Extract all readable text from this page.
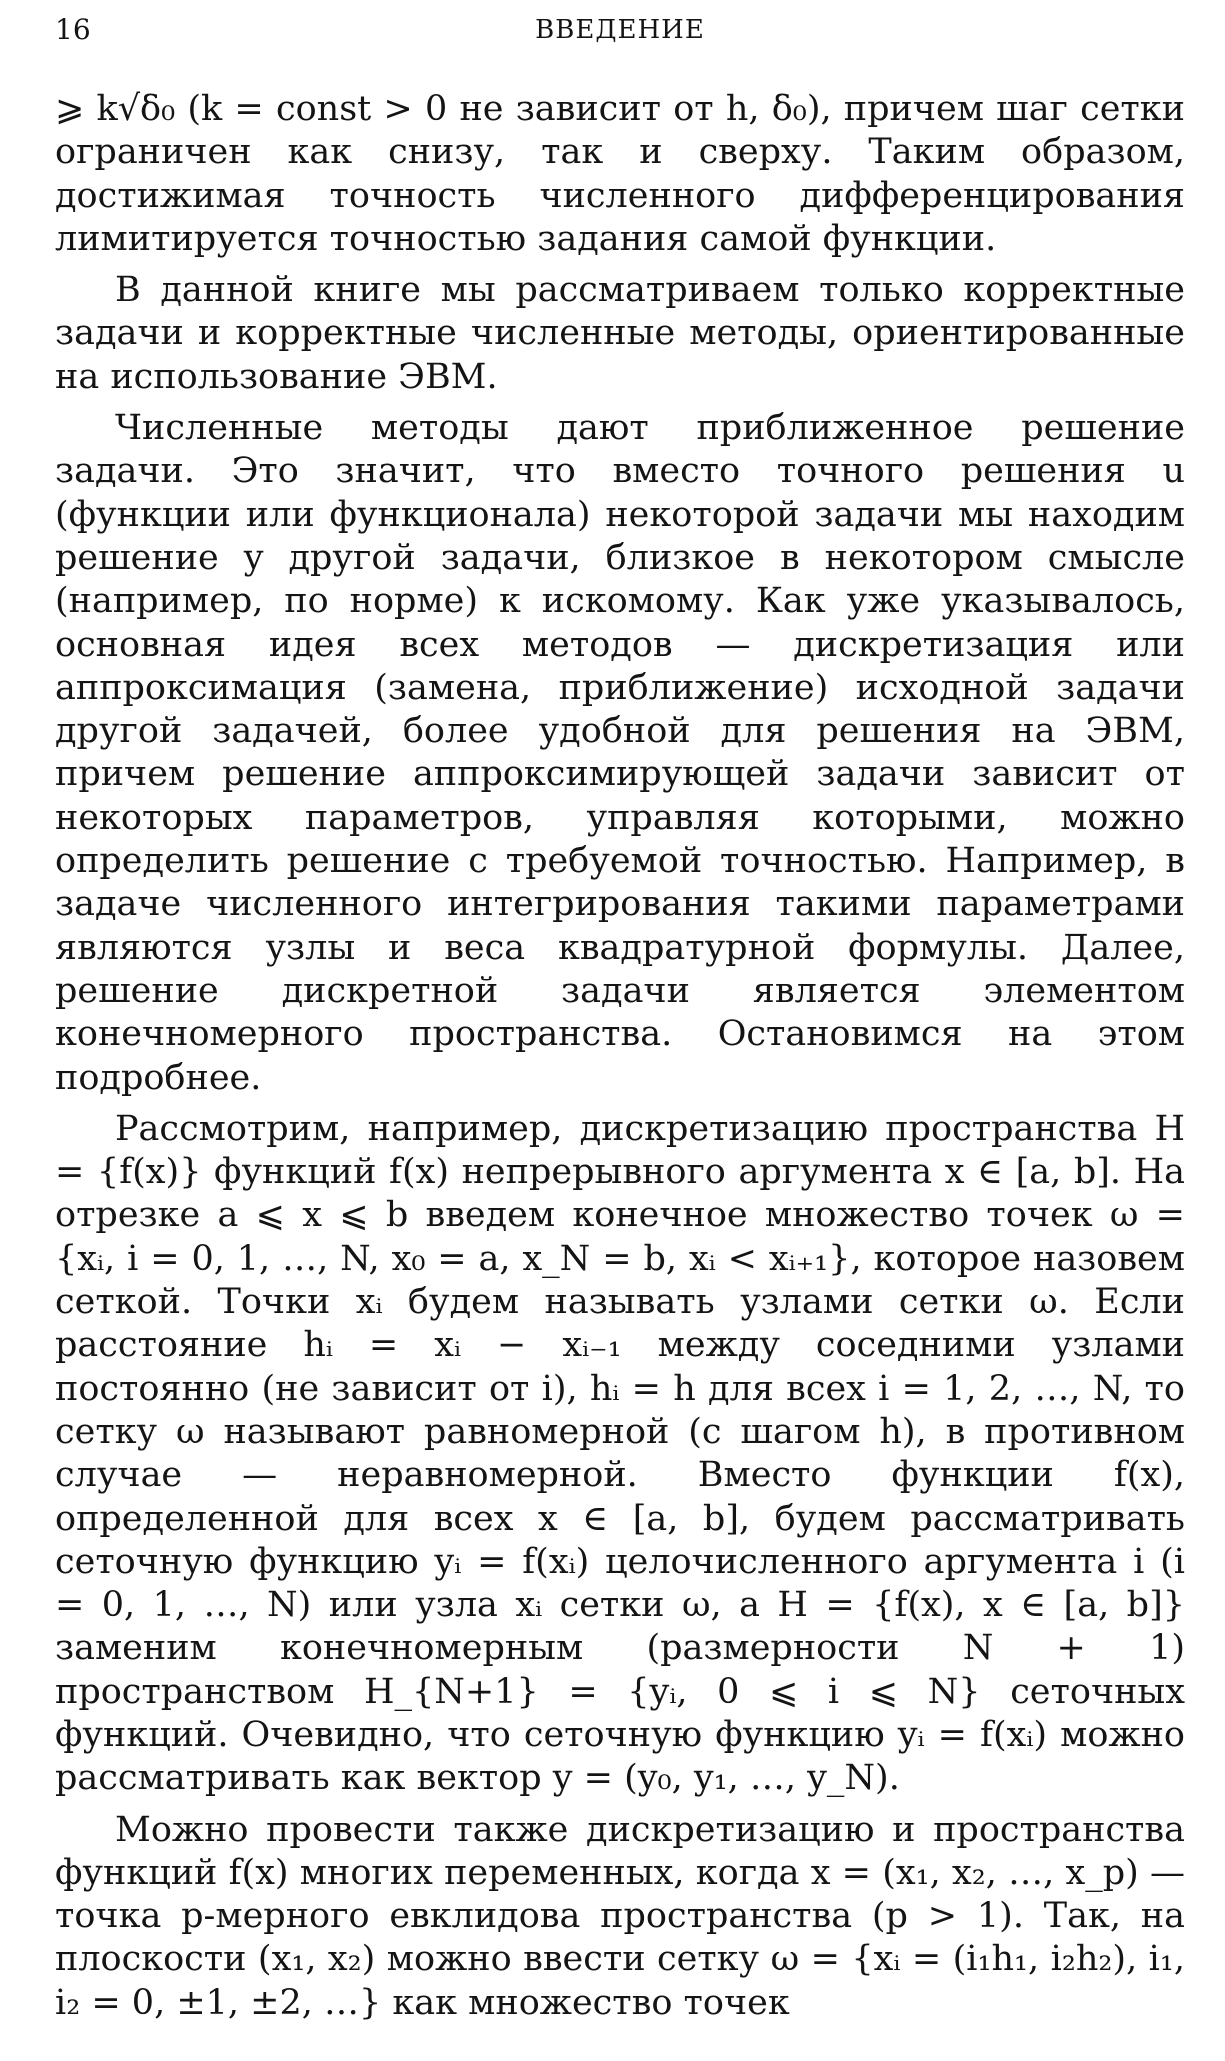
16	ВВЕДЕНИЕ

⩾ k√δ₀ (k = const > 0 не зависит от h, δ₀), причем шаг сетки ограничен как снизу, так и сверху. Таким образом, достижимая точность численного дифференцирования лимитируется точностью задания самой функции.

В данной книге мы рассматриваем только корректные задачи и корректные численные методы, ориентированные на использование ЭВМ.

Численные методы дают приближенное решение задачи. Это значит, что вместо точного решения u (функции или функционала) некоторой задачи мы находим решение y другой задачи, близкое в некотором смысле (например, по норме) к искомому. Как уже указывалось, основная идея всех методов — дискретизация или аппроксимация (замена, приближение) исходной задачи другой задачей, более удобной для решения на ЭВМ, причем решение аппроксимирующей задачи зависит от некоторых параметров, управляя которыми, можно определить решение с требуемой точностью. Например, в задаче численного интегрирования такими параметрами являются узлы и веса квадратурной формулы. Далее, решение дискретной задачи является элементом конечномерного пространства. Остановимся на этом подробнее.

Рассмотрим, например, дискретизацию пространства H = {f(x)} функций f(x) непрерывного аргумента x ∈ [a, b]. На отрезке a ⩽ x ⩽ b введем конечное множество точек ω = {xᵢ, i = 0, 1, …, N, x₀ = a, x_N = b, xᵢ < xᵢ₊₁}, которое назовем сеткой. Точки xᵢ будем называть узлами сетки ω. Если расстояние hᵢ = xᵢ − xᵢ₋₁ между соседними узлами постоянно (не зависит от i), hᵢ = h для всех i = 1, 2, …, N, то сетку ω называют равномерной (с шагом h), в противном случае — неравномерной. Вместо функции f(x), определенной для всех x ∈ [a, b], будем рассматривать сеточную функцию yᵢ = f(xᵢ) целочисленного аргумента i (i = 0, 1, …, N) или узла xᵢ сетки ω, а H = {f(x), x ∈ [a, b]} заменим конечномерным (размерности N + 1) пространством H_{N+1} = {yᵢ, 0 ⩽ i ⩽ N} сеточных функций. Очевидно, что сеточную функцию yᵢ = f(xᵢ) можно рассматривать как вектор y = (y₀, y₁, …, y_N).

Можно провести также дискретизацию и пространства функций f(x) многих переменных, когда x = (x₁, x₂, …, x_p) — точка p-мерного евклидова пространства (p > 1). Так, на плоскости (x₁, x₂) можно ввести сетку ω = {xᵢ = (i₁h₁, i₂h₂), i₁, i₂ = 0, ±1, ±2, …} как множество точек
